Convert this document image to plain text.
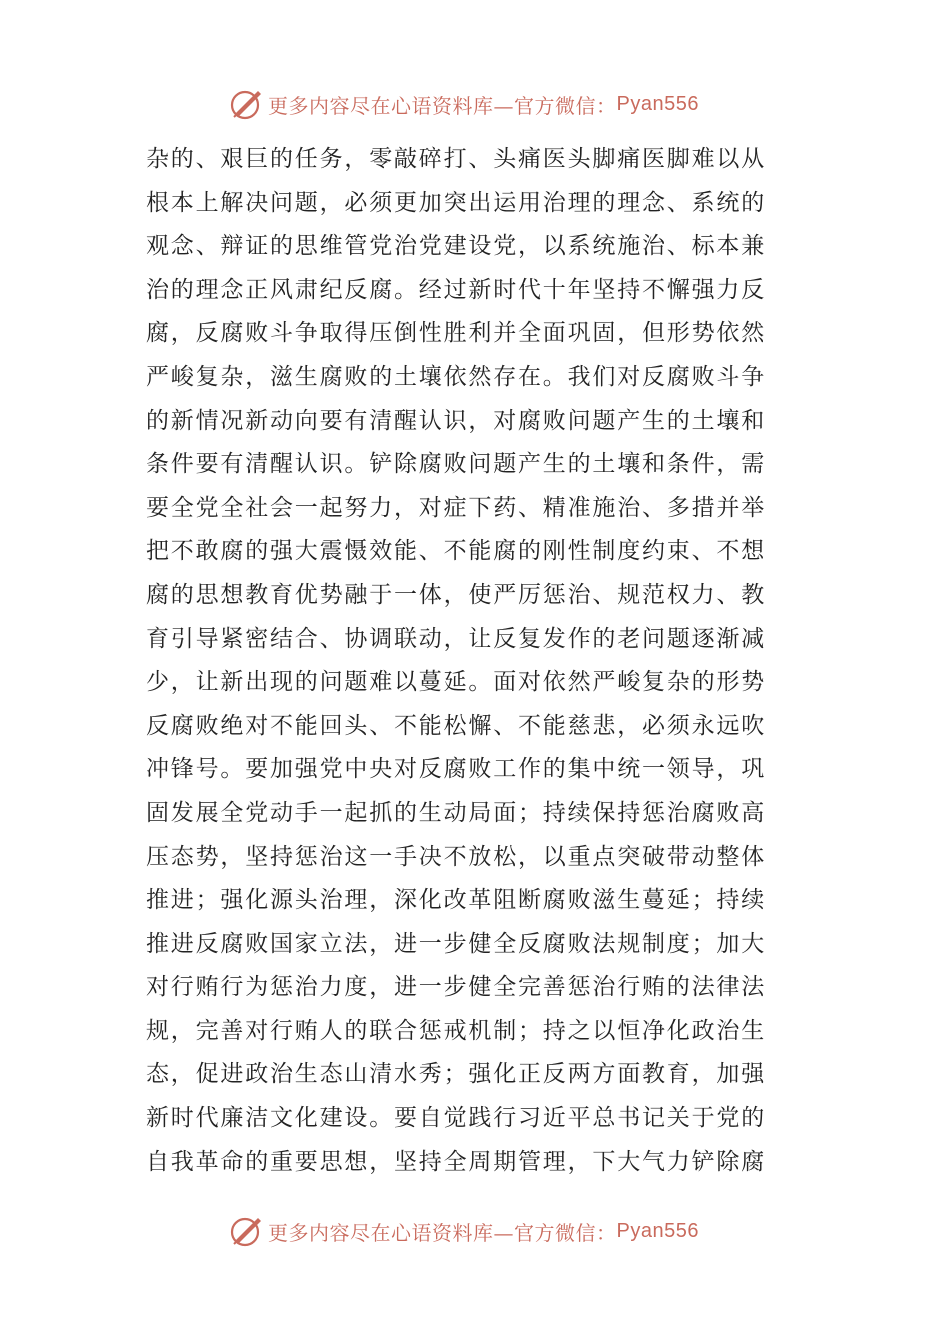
更多内容尽在心语资料库—官方微信： Pyan556
杂的、艰巨的任务，零敲碎打、头痛医头脚痛医脚难以从
根本上解决问题，必须更加突出运用治理的理念、系统的
观念、辩证的思维管党治党建设党，以系统施治、标本兼
治的理念正风肃纪反腐。经过新时代十年坚持不懈强力反
腐，反腐败斗争取得压倒性胜利并全面巩固，但形势依然
严峻复杂，滋生腐败的土壤依然存在。我们对反腐败斗争
的新情况新动向要有清醒认识，对腐败问题产生的土壤和
条件要有清醒认识。铲除腐败问题产生的土壤和条件，需
要全党全社会一起努力，对症下药、精准施治、多措并举
把不敢腐的强大震慑效能、不能腐的刚性制度约束、不想
腐的思想教育优势融于一体，使严厉惩治、规范权力、教
育引导紧密结合、协调联动，让反复发作的老问题逐渐减
少，让新出现的问题难以蔓延。面对依然严峻复杂的形势
反腐败绝对不能回头、不能松懈、不能慈悲，必须永远吹
冲锋号。要加强党中央对反腐败工作的集中统一领导，巩
固发展全党动手一起抓的生动局面；持续保持惩治腐败高
压态势，坚持惩治这一手决不放松，以重点突破带动整体
推进；强化源头治理，深化改革阻断腐败滋生蔓延；持续
推进反腐败国家立法，进一步健全反腐败法规制度；加大
对行贿行为惩治力度，进一步健全完善惩治行贿的法律法
规，完善对行贿人的联合惩戒机制；持之以恒净化政治生
态，促进政治生态山清水秀；强化正反两方面教育，加强
新时代廉洁文化建设。要自觉践行习近平总书记关于党的
自我革命的重要思想，坚持全周期管理，下大气力铲除腐
更多内容尽在心语资料库—官方微信： Pyan556
